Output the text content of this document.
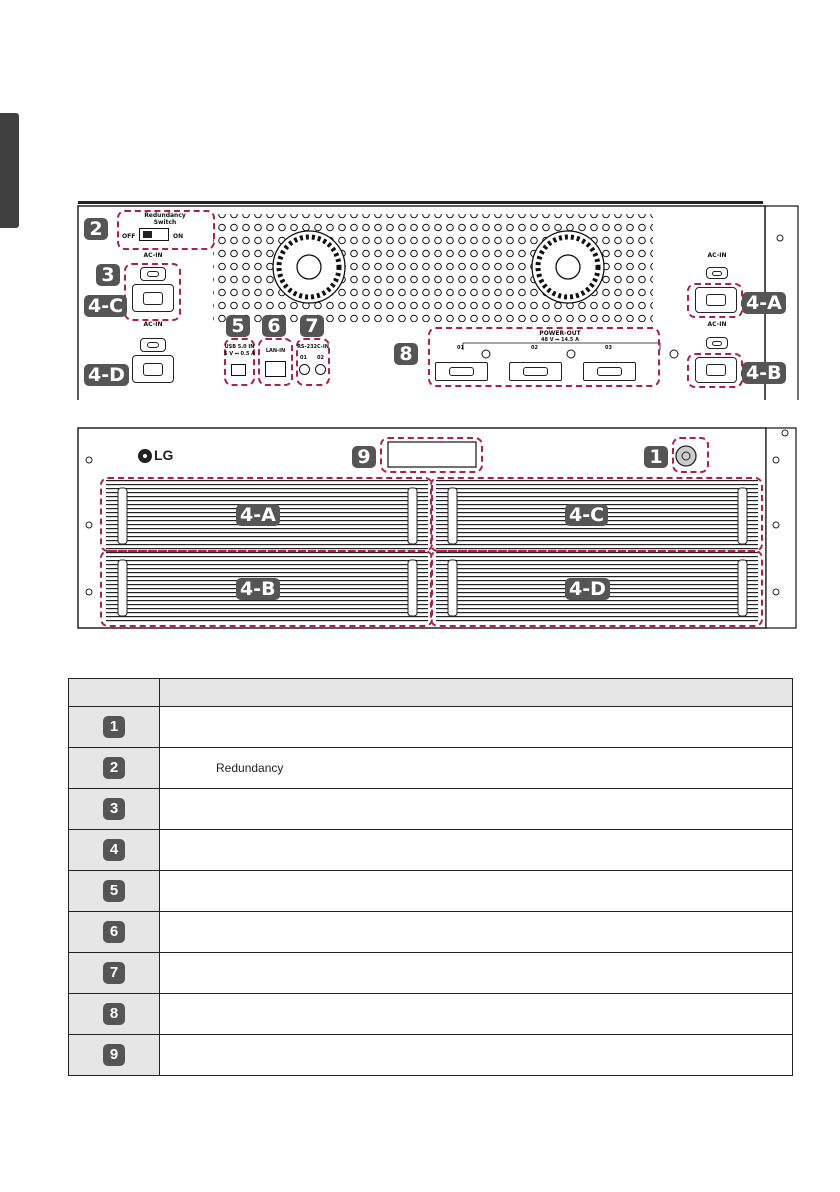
Redundancy
Switch
OFF	ON
AC-IN
AC-IN
USB 5.0 IN
5 V ⎓ 0.5 A	LAN-IN
RS-232C-IN
01 02
POWER-OUT
48 V ⎓ 14.5 A
01	02	03
AC-IN
AC-IN
2
3
4-C
4-D
5 6 7
8
4-A
4-B
LG	9	1
4-A	4-C
4-B	4-D

1	
2	Redundancy
3	
4	
5	
6	
7	
8	
9	
